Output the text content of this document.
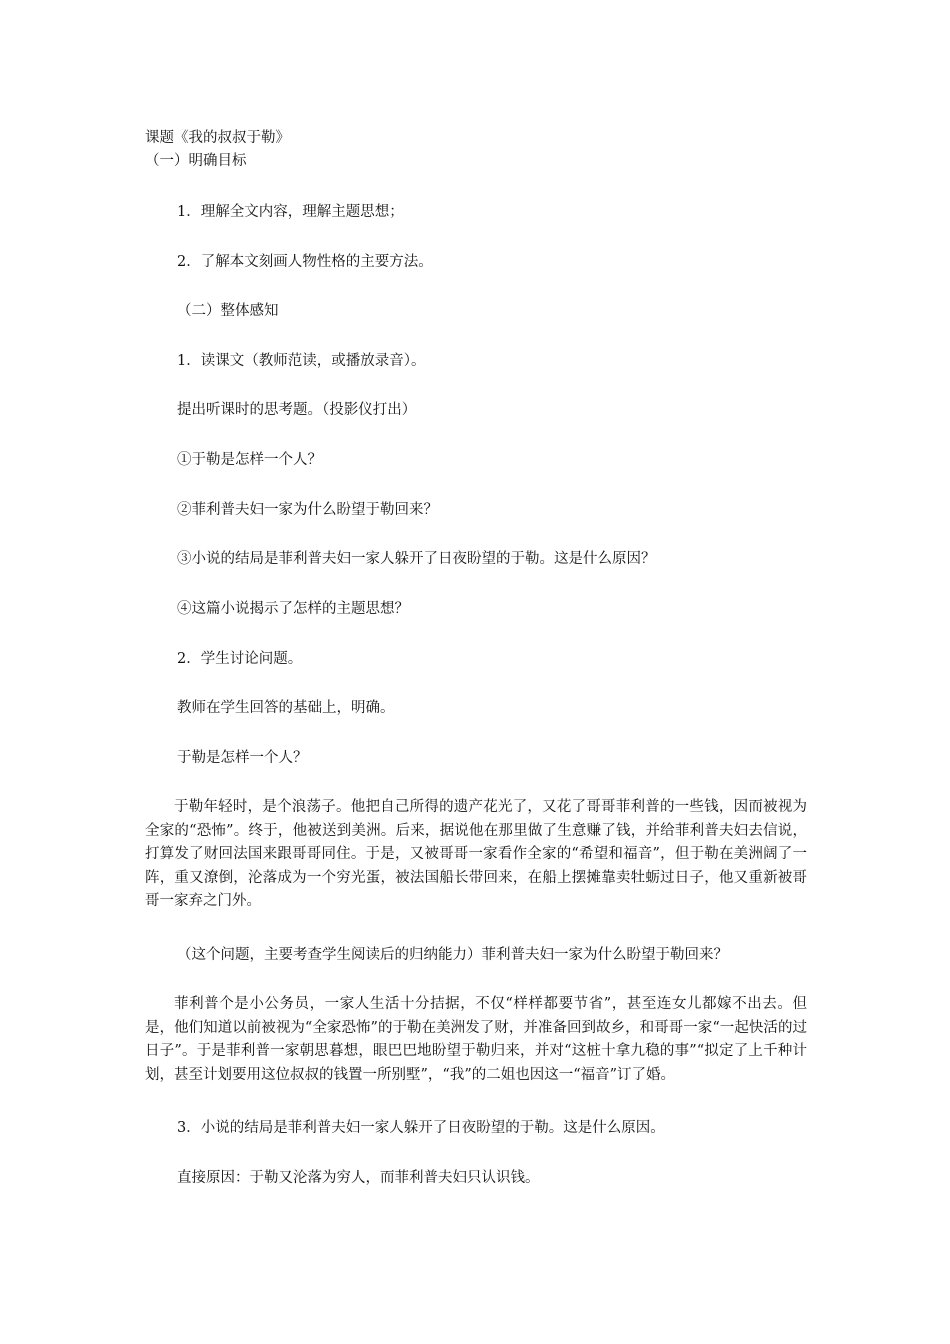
课题《我的叔叔于勒》

（一）明确目标

1．理解全文内容，理解主题思想；

2．了解本文刻画人物性格的主要方法。

（二）整体感知

1．读课文（教师范读，或播放录音）。

提出听课时的思考题。（投影仪打出）

①于勒是怎样一个人？

②菲利普夫妇一家为什么盼望于勒回来？

③小说的结局是菲利普夫妇一家人躲开了日夜盼望的于勒。这是什么原因？

④这篇小说揭示了怎样的主题思想？

2．学生讨论问题。

教师在学生回答的基础上，明确。

于勒是怎样一个人？

于勒年轻时，是个浪荡子。他把自己所得的遗产花光了，又花了哥哥菲利普的一些钱，因而被视为全家的“恐怖”。终于，他被送到美洲。后来，据说他在那里做了生意赚了钱，并给菲利普夫妇去信说，打算发了财回法国来跟哥哥同住。于是，又被哥哥一家看作全家的“希望和福音”，但于勒在美洲阔了一阵，重又潦倒，沦落成为一个穷光蛋，被法国船长带回来，在船上摆摊靠卖牡蛎过日子，他又重新被哥哥一家弃之门外。

（这个问题，主要考查学生阅读后的归纳能力）菲利普夫妇一家为什么盼望于勒回来？

菲利普个是小公务员，一家人生活十分拮据，不仅“样样都要节省”，甚至连女儿都嫁不出去。但是，他们知道以前被视为“全家恐怖”的于勒在美洲发了财，并准备回到故乡，和哥哥一家“一起快活的过日子”。于是菲利普一家朝思暮想，眼巴巴地盼望于勒归来，并对“这桩十拿九稳的事”“拟定了上千种计划，甚至计划要用这位叔叔的钱置一所别墅”，“我”的二姐也因这一“福音”订了婚。

3．小说的结局是菲利普夫妇一家人躲开了日夜盼望的于勒。这是什么原因。

直接原因：于勒又沦落为穷人，而菲利普夫妇只认识钱。
